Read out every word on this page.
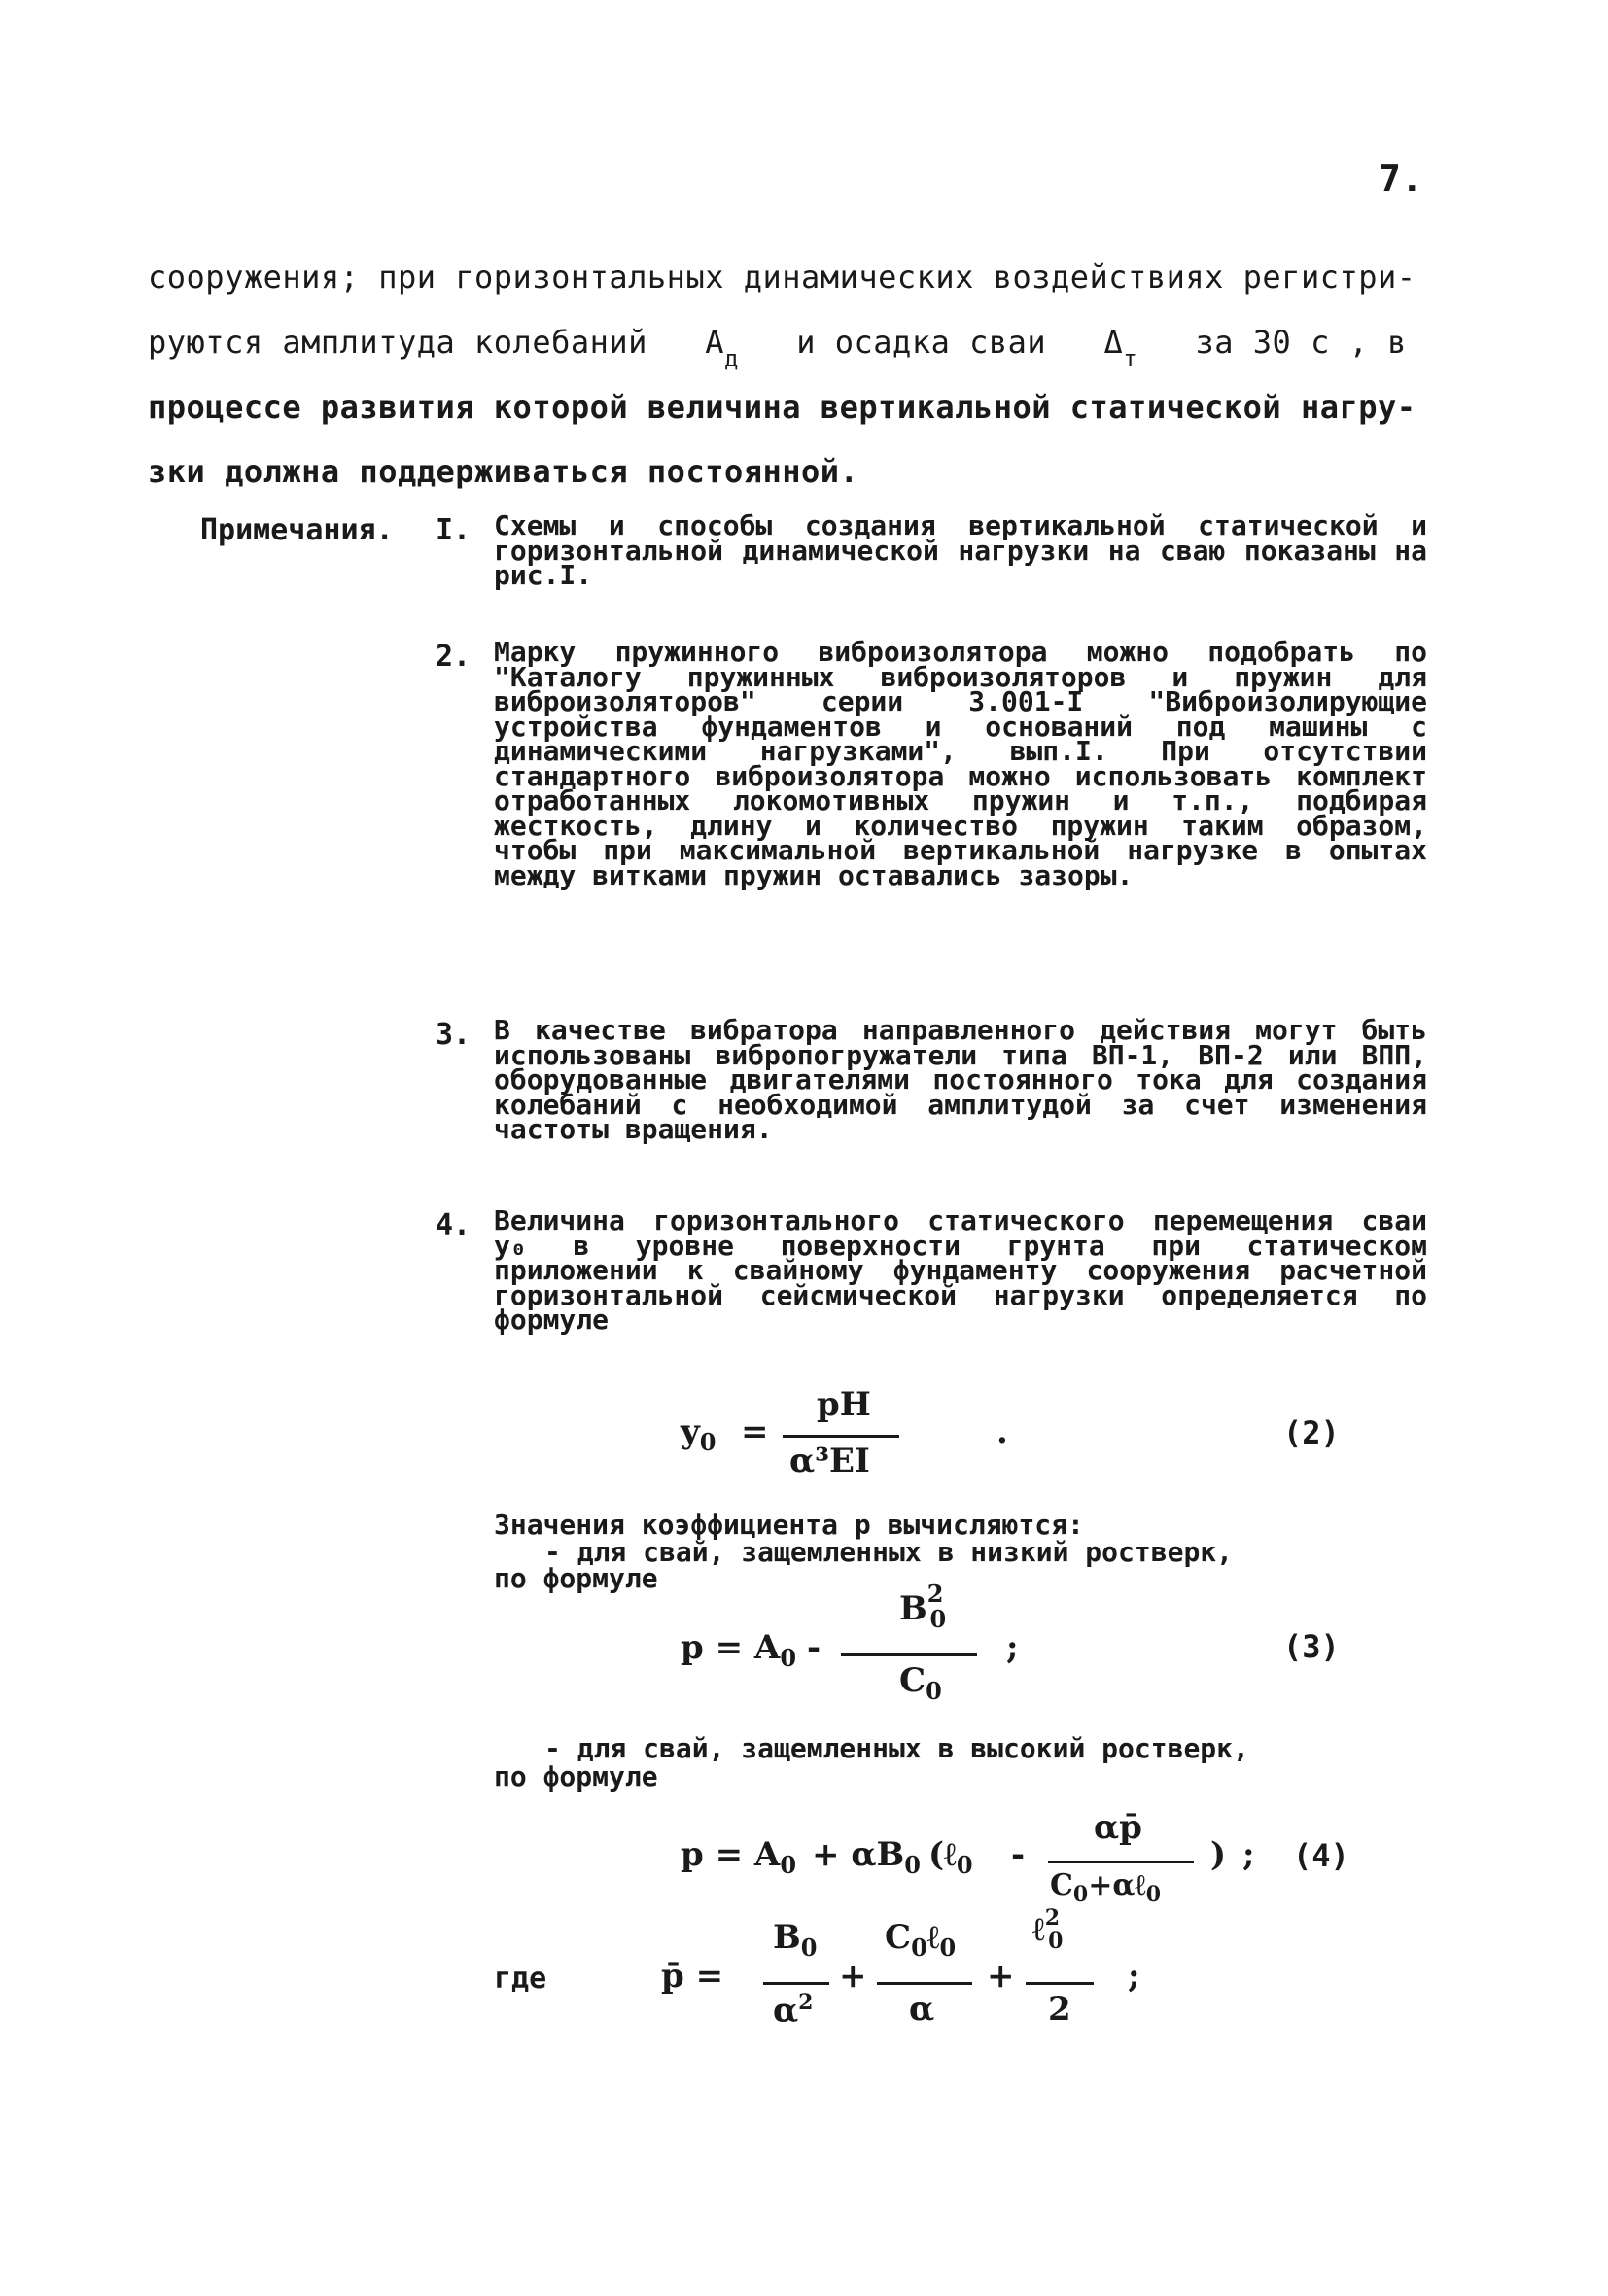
7.
сооружения; при горизонтальных динамических воздействиях регистри-
руются амплитуда колебаний $A_д$ и осадка сваи $\Delta_т$ за 30 с , в
процессе развития которой величина вертикальной статической нагру-
зки должна поддерживаться постоянной.
Примечания. I. Схемы и способы создания вертикальной статической и горизонтальной динамической нагрузки на сваю показаны на рис.I.
2. Марку пружинного виброизолятора можно подобрать по "Каталогу пружинных виброизоляторов и пружин для виброизоляторов" серии 3.001-I "Виброизолирующие устройства фундаментов и оснований под машины с динамическими нагрузками", вып.I. При отсутствии стандартного виброизолятора можно использовать комплект отработанных локомотивных пружин и т.п., подбирая жесткость, длину и количество пружин таким образом, чтобы при максимальной вертикальной нагрузке в опытах между витками пружин оставались зазоры.
3. В качестве вибратора направленного действия могут быть использованы вибропогружатели типа ВП-1, ВП-2 или ВПП, оборудованные двигателями постоянного тока для создания колебаний с необходимой амплитудой за счет изменения частоты вращения.
4. Величина горизонтального статического перемещения сваи y₀ в уровне поверхности грунта при статическом приложении к свайному фундаменту сооружения расчетной горизонтальной сейсмической нагрузки определяется по формуле
$y_0$ =
pH
α³EI
.	(2)
Значения коэффициента p вычисляются:
- для свай, защемленных в низкий ростверк,
по формуле
$p = A_0$ -
$B^2_0$
$C_0$
;	(3)
- для свай, защемленных в высокий ростверк,
по формуле
$p = A_0 + \alpha B_0$ (ℓ$_0$ -
αp̄
$C_0+\alpha\ell_0$
) ; (4)
где	p̄ =
$B_0$
$\alpha^2$
+
$C_0\ell_0$
α
+
ℓ$^2_0$
2
;
